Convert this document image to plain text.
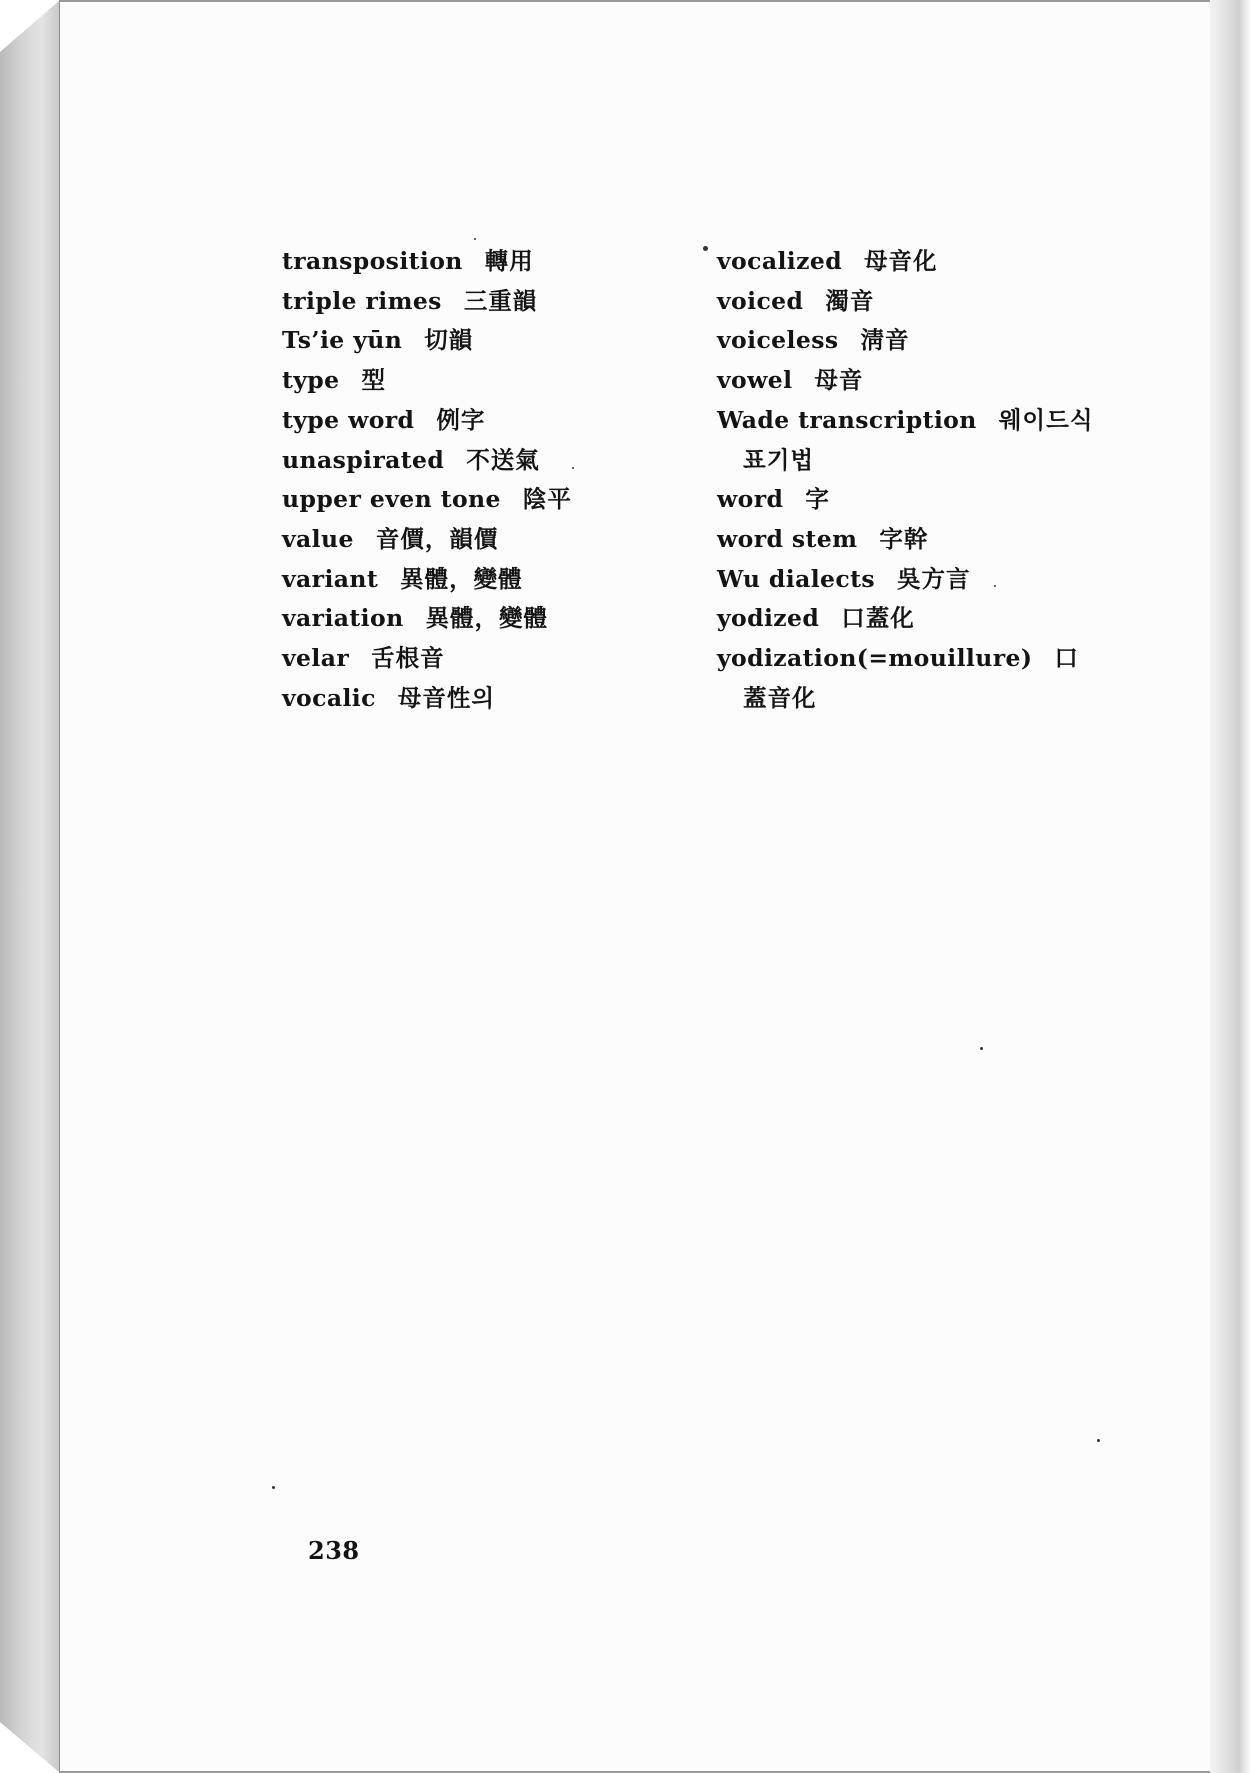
transposition 轉用
triple rimes 三重韻
Ts’ie yūn 切韻
type 型
type word 例字
unaspirated 不送氣
upper even tone 陰平
value 音價，韻價
variant 異體，變體
variation 異體，變體
velar 舌根音
vocalic 母音性의
vocalized 母音化
voiced 濁音
voiceless 淸音
vowel 母音
Wade transcription 웨이드식 표기법
word 字
word stem 字幹
Wu dialects 吳方言
yodized 口蓋化
yodization(=mouillure) 口蓋音化
238
